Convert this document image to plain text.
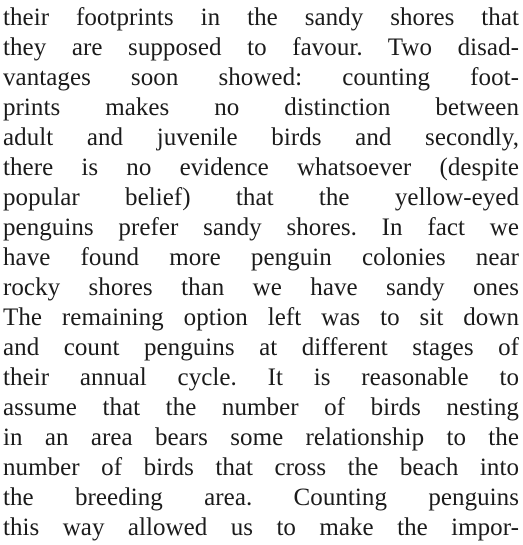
their footprints in the sandy shores that
they are supposed to favour. Two disad-
vantages soon showed: counting foot-
prints makes no distinction between
adult and juvenile birds and secondly,
there is no evidence whatsoever (despite
popular belief) that the yellow-eyed
penguins prefer sandy shores. In fact we
have found more penguin colonies near
rocky shores than we have sandy ones
The remaining option left was to sit down
and count penguins at different stages of
their annual cycle. It is reasonable to
assume that the number of birds nesting
in an area bears some relationship to the
number of birds that cross the beach into
the breeding area. Counting penguins
this way allowed us to make the impor-
